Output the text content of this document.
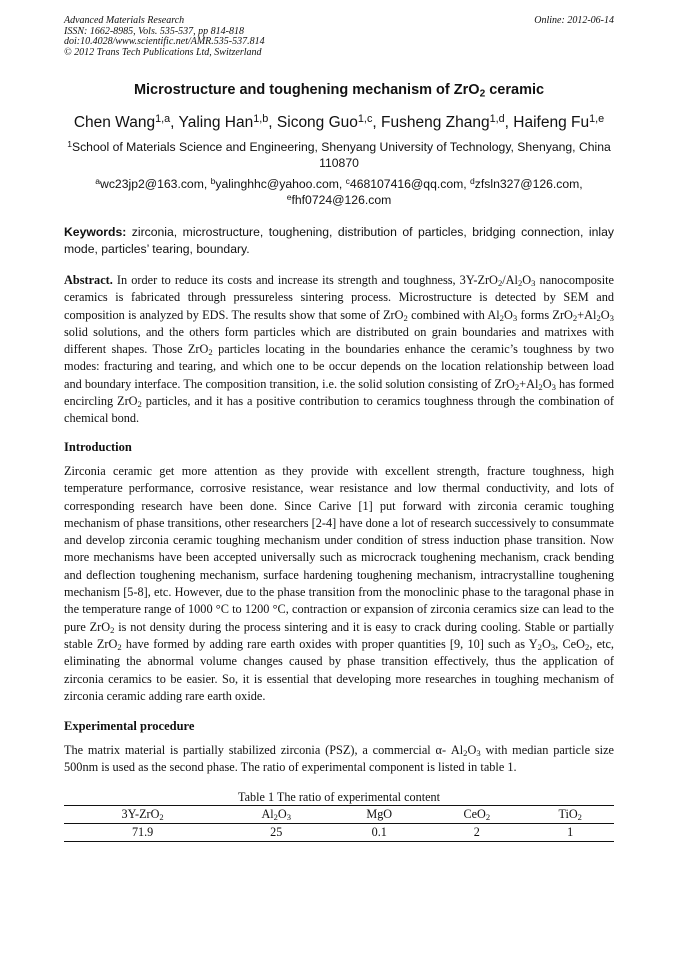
Advanced Materials Research
ISSN: 1662-8985, Vols. 535-537, pp 814-818
doi:10.4028/www.scientific.net/AMR.535-537.814
© 2012 Trans Tech Publications Ltd, Switzerland
Online: 2012-06-14
Microstructure and toughening mechanism of ZrO$_2$ ceramic
Chen Wang$^{1,a}$, Yaling Han$^{1,b}$, Sicong Guo$^{1,c}$, Fusheng Zhang$^{1,d}$, Haifeng Fu$^{1,e}$
$^1$School of Materials Science and Engineering, Shenyang University of Technology, Shenyang, China 110870
$^a$wc23jp2@163.com, $^b$yalinghhc@yahoo.com, $^c$468107416@qq.com, $^d$zfsln327@126.com,
$^e$fhf0724@126.com
Keywords: zirconia, microstructure, toughening, distribution of particles, bridging connection, inlay mode, particles’ tearing, boundary.
Abstract. In order to reduce its costs and increase its strength and toughness, $3Y-ZrO_2/Al_2O_3$ nanocomposite ceramics is fabricated through pressureless sintering process. Microstructure is detected by SEM and composition is analyzed by EDS. The results show that some of ZrO$_2$ combined with $Al_2O_3$ forms $ZrO_2+Al_2O_3$ solid solutions, and the others form particles which are distributed on grain boundaries and matrixes with different shapes. Those ZrO$_2$ particles locating in the boundaries enhance the ceramic’s toughness by two modes: fracturing and tearing, and which one to be occur depends on the location relationship between load and boundary interface. The composition transition, i.e. the solid solution consisting of $ZrO_2+Al_2O_3$ has formed encircling ZrO$_2$ particles, and it has a positive contribution to ceramics toughness through the combination of chemical bond.
Introduction
Zirconia ceramic get more attention as they provide with excellent strength, fracture toughness, high temperature performance, corrosive resistance, wear resistance and low thermal conductivity, and lots of corresponding research have been done. Since Carive [1] put forward with zirconia ceramic toughing mechanism of phase transitions, other researchers [2-4] have done a lot of research successively to consummate and develop zirconia ceramic toughing mechanism under condition of stress induction phase transition. Now more mechanisms have been accepted universally such as microcrack toughening mechanism, crack bending and deflection toughening mechanism, surface hardening toughening mechanism, intracrystalline toughening mechanism [5-8], etc. However, due to the phase transition from the monoclinic phase to the taragonal phase in the temperature range of 1000 °C to 1200 °C, contraction or expansion of zirconia ceramics size can lead to the pure ZrO$_2$ is not density during the process sintering and it is easy to crack during cooling. Stable or partially stable ZrO$_2$ have formed by adding rare earth oxides with proper quantities [9, 10] such as $Y_2O_3$, CeO$_2$, etc, eliminating the abnormal volume changes caused by phase transition effectively, thus the application of zirconia ceramics to be easier. So, it is essential that developing more researches in toughing mechanism of zirconia ceramic adding rare earth oxide.
Experimental procedure
The matrix material is partially stabilized zirconia (PSZ), a commercial α- $Al_2O_3$ with median particle size 500nm is used as the second phase. The ratio of experimental component is listed in table 1.
Table 1 The ratio of experimental content
3Y-ZrO$_2$	$Al_2O_3$	MgO	CeO$_2$	TiO$_2$
71.9	25	0.1	2	1
